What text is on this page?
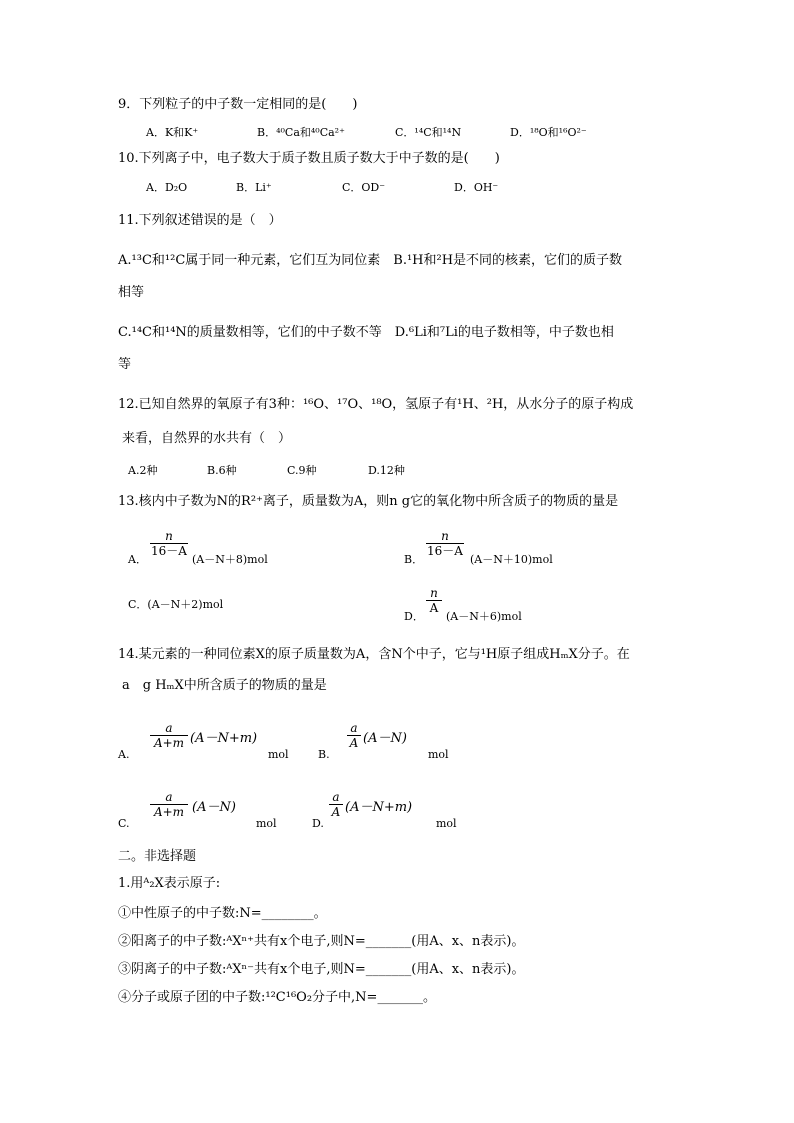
9．下列粒子的中子数一定相同的是(　　)
A．K和K⁺	B．⁴⁰Ca和⁴⁰Ca²⁺	C．¹⁴C和¹⁴N	D．¹⁸O和¹⁶O²⁻
10.下列离子中，电子数大于质子数且质子数大于中子数的是(　　)
A．D₂O	B．Li⁺	C．OD⁻	D．OH⁻
11.下列叙述错误的是（　）
A.¹³C和¹²C属于同一种元素，它们互为同位素　B.¹H和²H是不同的核素，它们的质子数
相等
C.¹⁴C和¹⁴N的质量数相等，它们的中子数不等　D.⁶Li和⁷Li的电子数相等，中子数也相
等
12.已知自然界的氧原子有3种：¹⁶O、¹⁷O、¹⁸O，氢原子有¹H、²H，从水分子的原子构成
来看，自然界的水共有（　）
A.2种	B.6种	C.9种	D.12种
13.核内中子数为N的R²⁺离子，质量数为A，则n g它的氧化物中所含质子的物质的量是
A．
n
16－A
(A－N＋8)mol	B．
n
16－A
(A－N＋10)mol
C．(A－N＋2)mol
D．
n
A
(A－N＋6)mol
14.某元素的一种同位素X的原子质量数为A，含N个中子，它与¹H原子组成HₘX分子。在
a　g HₘX中所含质子的物质的量是
A.
a
A+m (A－N+m)
mol	B.
a
A (A－N)
mol
C.
a
A+m (A－N)
mol	D.
a
A (A－N+m)
mol
二。非选择题
1.用ᴬ₂X表示原子:
①中性原子的中子数:N=________。
②阳离子的中子数:ᴬXⁿ⁺共有x个电子,则N=_______(用A、x、n表示)。
③阴离子的中子数:ᴬXⁿ⁻共有x个电子,则N=_______(用A、x、n表示)。
④分子或原子团的中子数:¹²C¹⁶O₂分子中,N=_______。
